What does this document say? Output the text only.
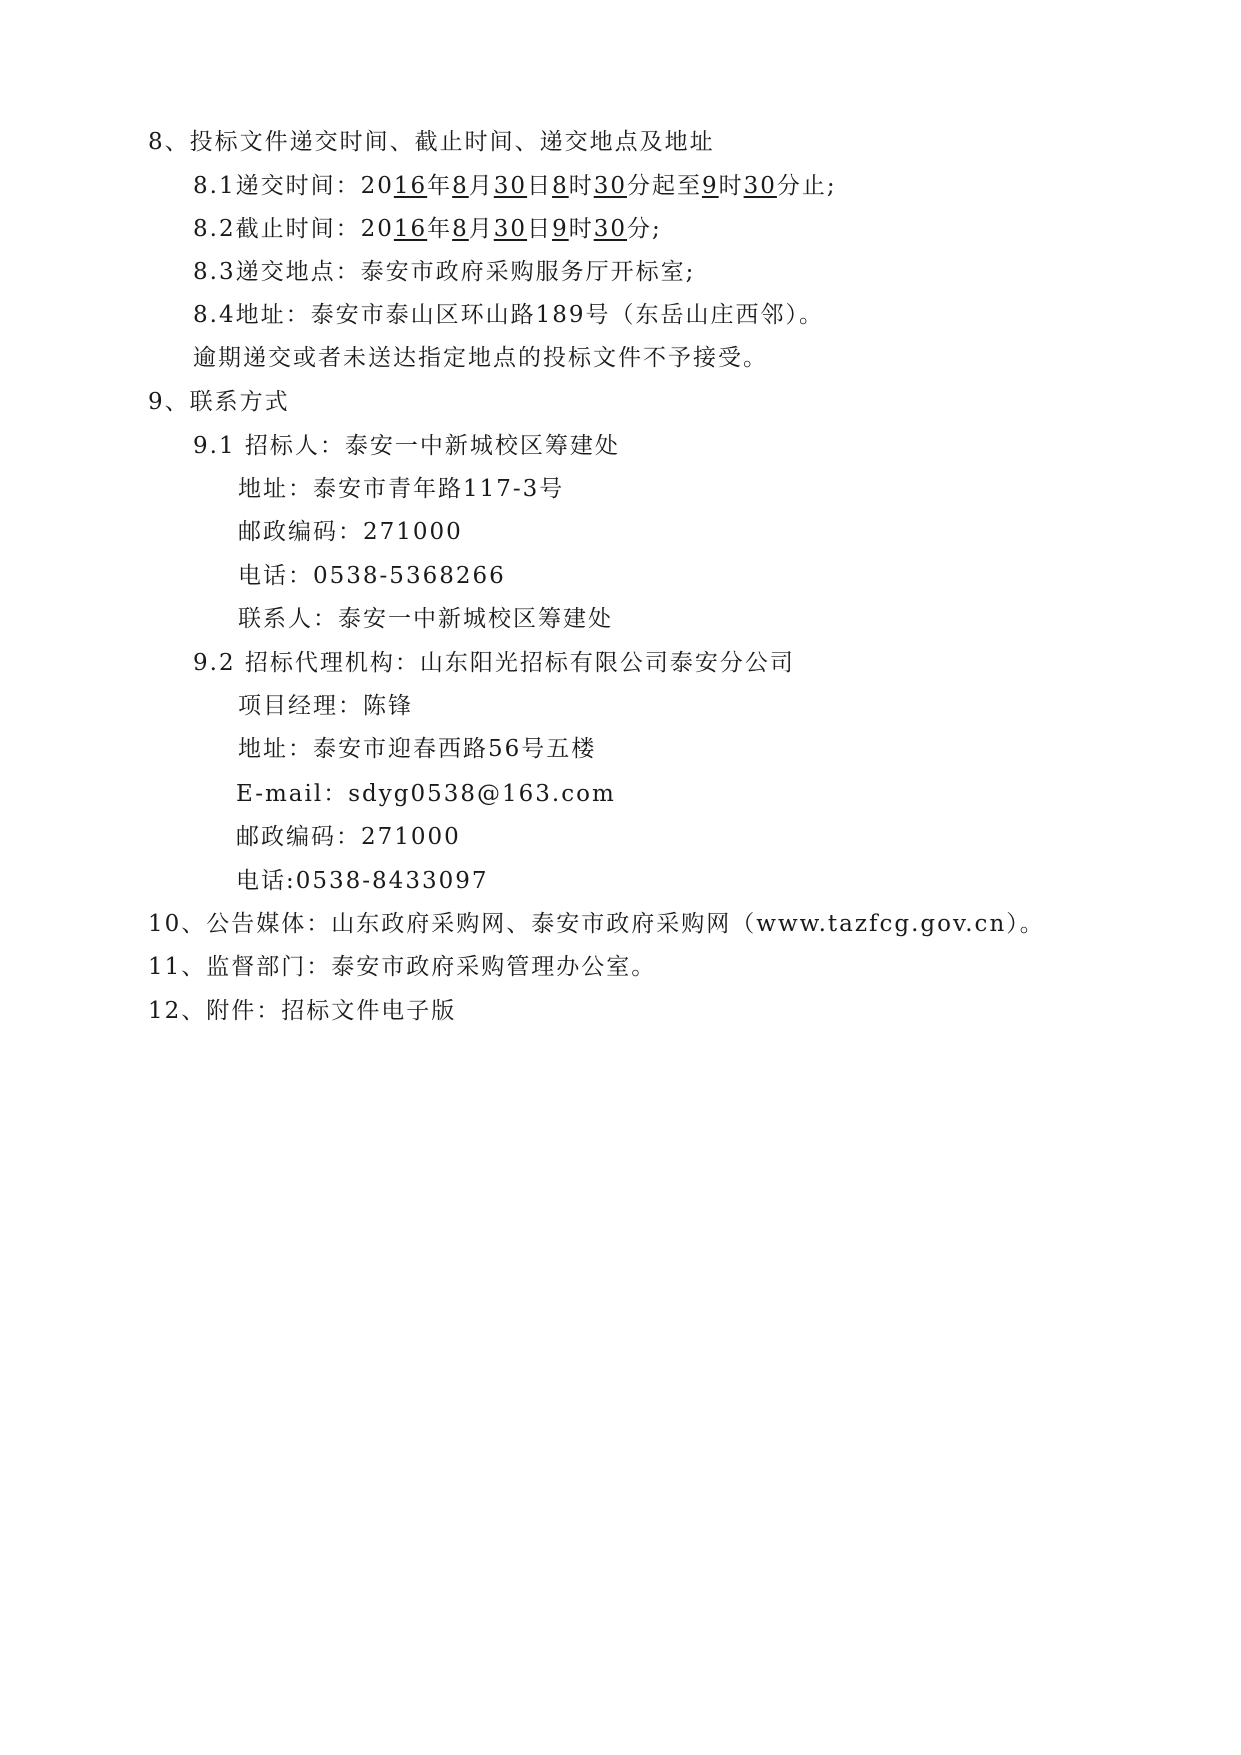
8、投标文件递交时间、截止时间、递交地点及地址
8.1递交时间：2016年8月30日8时30分起至9时30分止;
8.2截止时间：2016年8月30日9时30分;
8.3递交地点：泰安市政府采购服务厅开标室;
8.4地址：泰安市泰山区环山路189号（东岳山庄西邻）。
逾期递交或者未送达指定地点的投标文件不予接受。
9、联系方式
9.1 招标人：泰安一中新城校区筹建处
地址：泰安市青年路117-3号
邮政编码：271000
电话：0538-5368266
联系人：泰安一中新城校区筹建处
9.2 招标代理机构：山东阳光招标有限公司泰安分公司
项目经理：陈锋
地址：泰安市迎春西路56号五楼
E-mail：sdyg0538@163.com
邮政编码：271000
电话:0538-8433097
10、公告媒体：山东政府采购网、泰安市政府采购网（www.tazfcg.gov.cn）。
11、监督部门：泰安市政府采购管理办公室。
12、附件：招标文件电子版
